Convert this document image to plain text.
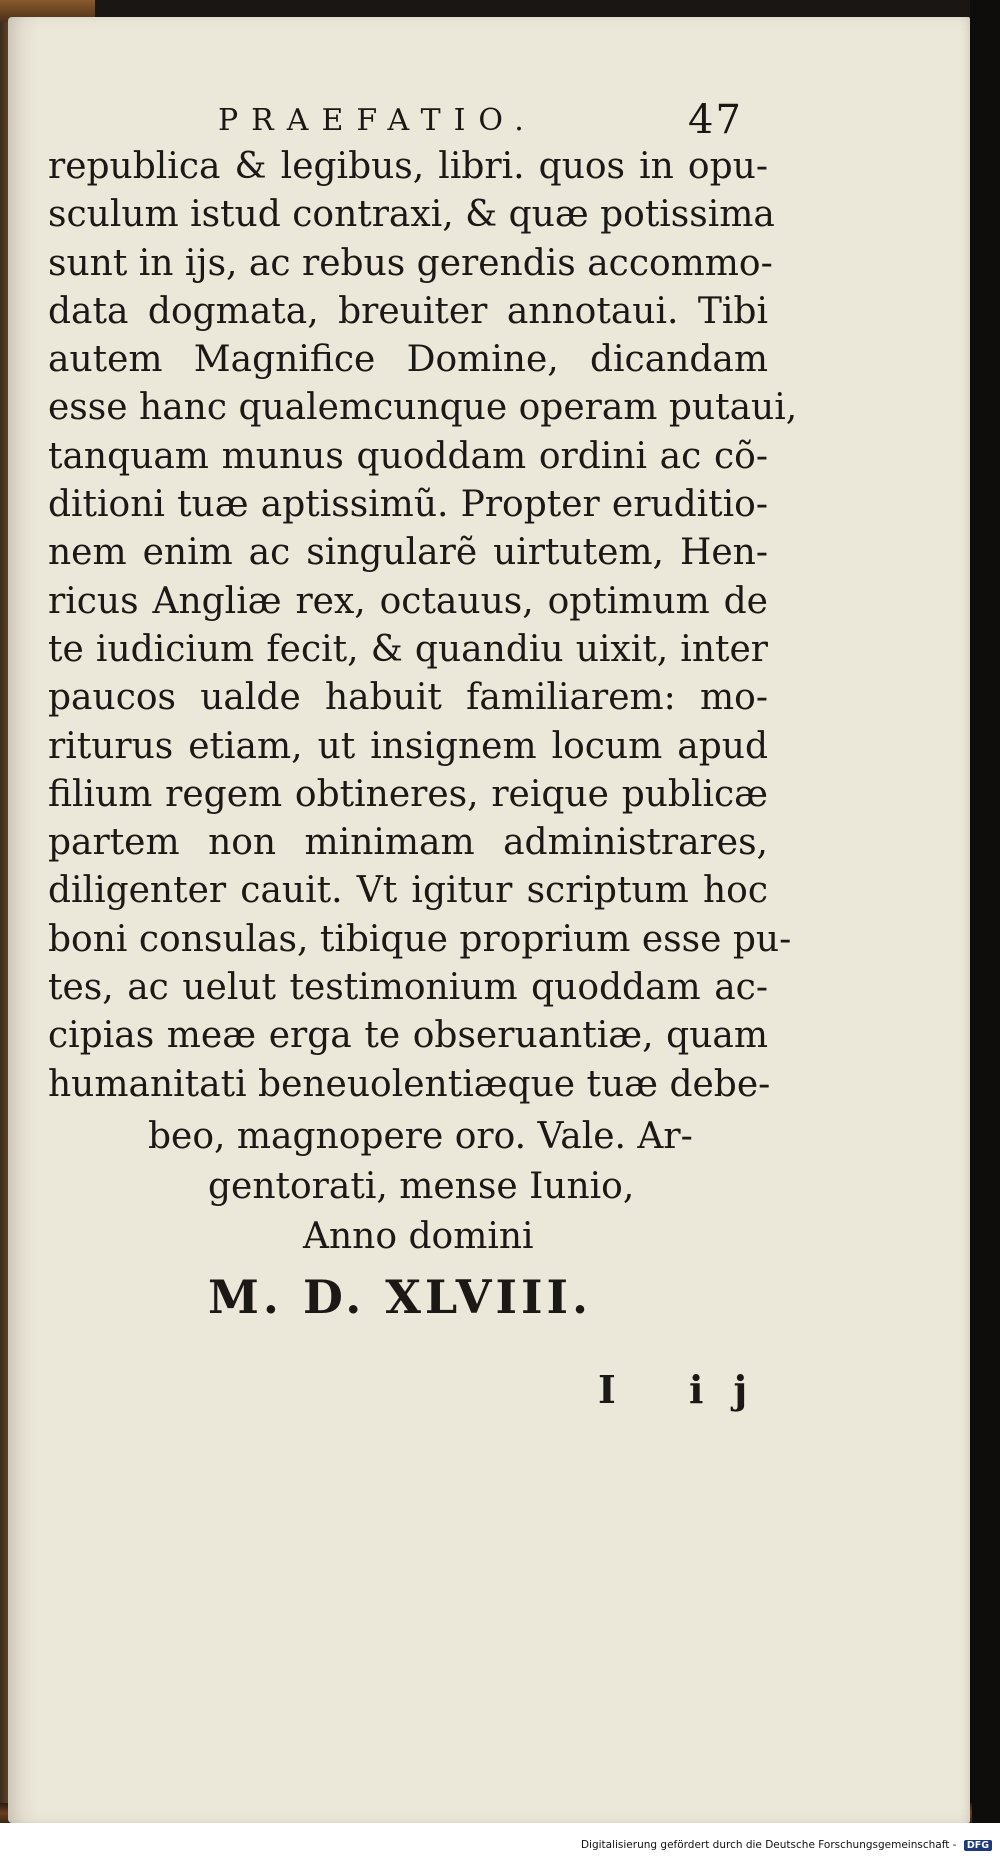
PRAEFATIO.	47
republica & legibus, libri. quos in opu-
sculum istud contraxi, & quæ potissima
sunt in ijs, ac rebus gerendis accommo-
data dogmata, breuiter annotaui. Tibi
autem Magnifice Domine, dicandam
esse hanc qualemcunque operam putaui,
tanquam munus quoddam ordini ac cõ-
ditioni tuæ aptissimũ. Propter eruditio-
nem enim ac singularẽ uirtutem, Hen-
ricus Angliæ rex, octauus, optimum de
te iudicium fecit, & quandiu uixit, inter
paucos ualde habuit familiarem: mo-
riturus etiam, ut insignem locum apud
filium regem obtineres, reique publicæ
partem non minimam administrares,
diligenter cauit. Vt igitur scriptum hoc
boni consulas, tibique proprium esse pu-
tes, ac uelut testimonium quoddam ac-
cipias meæ erga te obseruantiæ, quam
humanitati beneuolentiæque tuæ debe-
beo, magnopere oro. Vale. Ar-
gentorati, mense Iunio,
Anno domini
M. D. XLVIII.
I ij
Digitalisierung gefördert durch die Deutsche Forschungsgemeinschaft - DFG
